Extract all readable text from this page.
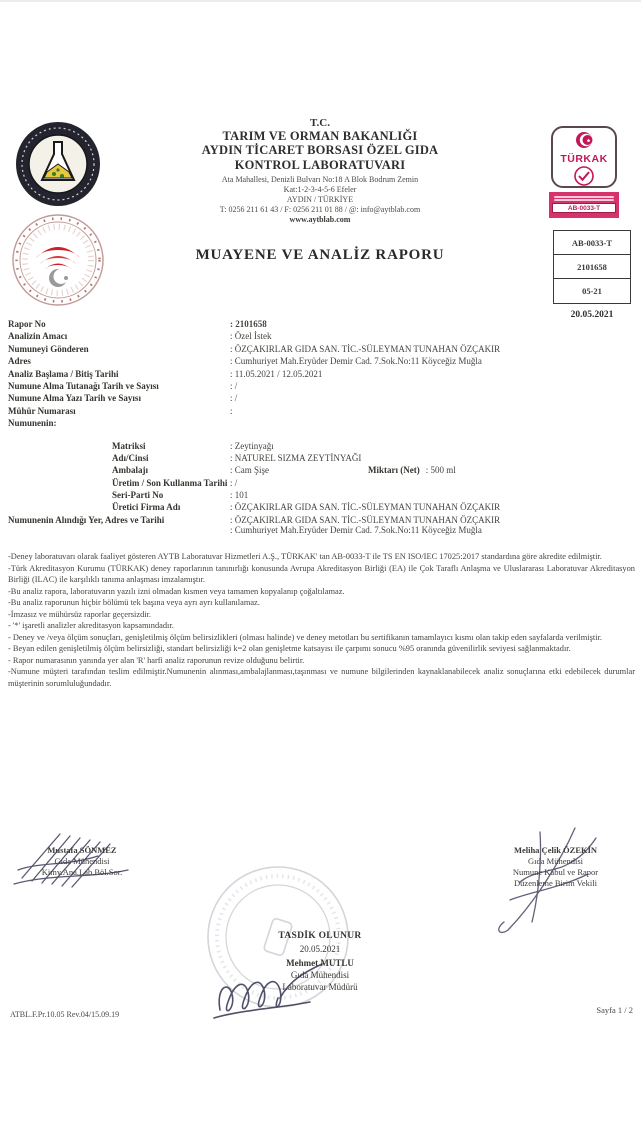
T.C.
TARIM VE ORMAN BAKANLIĞI
AYDIN TİCARET BORSASI ÖZEL GIDA
KONTROL LABORATUVARI
Ata Mahallesi, Denizli Bulvarı No:18 A Blok Bodrum Zemin
Kat:1-2-3-4-5-6 Efeler
AYDIN / TÜRKİYE
T: 0256 211 61 43 / F: 0256 211 01 88 / @: info@aytblab.com
www.aytblab.com
MUAYENE VE ANALİZ RAPORU
TÜRKAK
AB-0033-T
AB-0033-T
2101658
05-21
20.05.2021
Rapor No	: 2101658
Analizin Amacı	: Özel İstek
Numuneyi Gönderen	: ÖZÇAKIRLAR GIDA SAN. TİC.-SÜLEYMAN TUNAHAN ÖZÇAKIR
Adres	: Cumhuriyet Mah.Eryüder Demir Cad. 7.Sok.No:11 Köyceğiz Muğla
Analiz Başlama / Bitiş Tarihi	: 11.05.2021 / 12.05.2021
Numune Alma Tutanağı Tarih ve Sayısı	: /
Numune Alma Yazı Tarih ve Sayısı	: /
Mühür Numarası	:
Numunenin:
Matriksi	: Zeytinyağı
Adı/Cinsi	: NATUREL SIZMA ZEYTİNYAĞI
Ambalajı	: Cam Şişe	Miktarı (Net) : 500 ml
Üretim / Son Kullanma Tarihi : /
Seri-Parti No	: 101
Üretici Firma Adı	: ÖZÇAKIRLAR GIDA SAN. TİC.-SÜLEYMAN TUNAHAN ÖZÇAKIR
Numunenin Alındığı Yer, Adres ve Tarihi	: ÖZÇAKIRLAR GIDA SAN. TİC.-SÜLEYMAN TUNAHAN ÖZÇAKIR
: Cumhuriyet Mah.Eryüder Demir Cad. 7.Sok.No:11 Köyceğiz Muğla

-Deney laboratuvarı olarak faaliyet gösteren AYTB Laboratuvar Hizmetleri A.Ş., TÜRKAK' tan AB-0033-T ile TS EN ISO/IEC 17025:2017 standardına göre akredite edilmiştir.

-Türk Akreditasyon Kurumu (TÜRKAK) deney raporlarının tanınırlığı konusunda Avrupa Akreditasyon Birliği (EA) ile Çok Taraflı Anlaşma ve Uluslararası Laboratuvar Akreditasyon Birliği (ILAC) ile karşılıklı tanıma anlaşması imzalamıştır.

-Bu analiz rapora, laboratuvarın yazılı izni olmadan kısmen veya tamamen kopyalanıp çoğaltılamaz.

-Bu analiz raporunun hiçbir bölümü tek başına veya ayrı ayrı kullanılamaz.

-İmzasız ve mühürsüz raporlar geçersizdir.

- '*' işaretli analizler akreditasyon kapsamındadır.

- Deney ve /veya ölçüm sonuçları, genişletilmiş ölçüm belirsizlikleri (olması halinde) ve deney metotları bu sertifikanın tamamlayıcı kısmı olan takip eden sayfalarda verilmiştir.

- Beyan edilen genişletilmiş ölçüm belirsizliği, standart belirsizliği k=2 olan genişletme katsayısı ile çarpımı sonucu %95 oranında güvenilirlik seviyesi sağlanmaktadır.

- Rapor numarasının yanında yer alan 'R' harfi analiz raporunun revize olduğunu belirtir.

-Numune müşteri tarafından teslim edilmiştir.Numunenin alınması,ambalajlanması,taşınması ve numune bilgilerinden kaynaklanabilecek analiz sonuçlarına etki edebilecek durumlar müşterinin sorumluluğundadır.

Mustafa SÖNMEZ
Gıda Mühendisi
Kimy.Ana.Lab.Böl.Sor.
Meliha Çelik ÖZEKİN
Gıda Mühendisi
Numune Kabul ve Rapor
Düzenleme Birim Vekili
TASDİK OLUNUR
20.05.2021
Mehmet MUTLU
Gıda Mühendisi
Laboratuvar Müdürü
ATBL.F.Pr.10.05 Rev.04/15.09.19	Sayfa 1 / 2
